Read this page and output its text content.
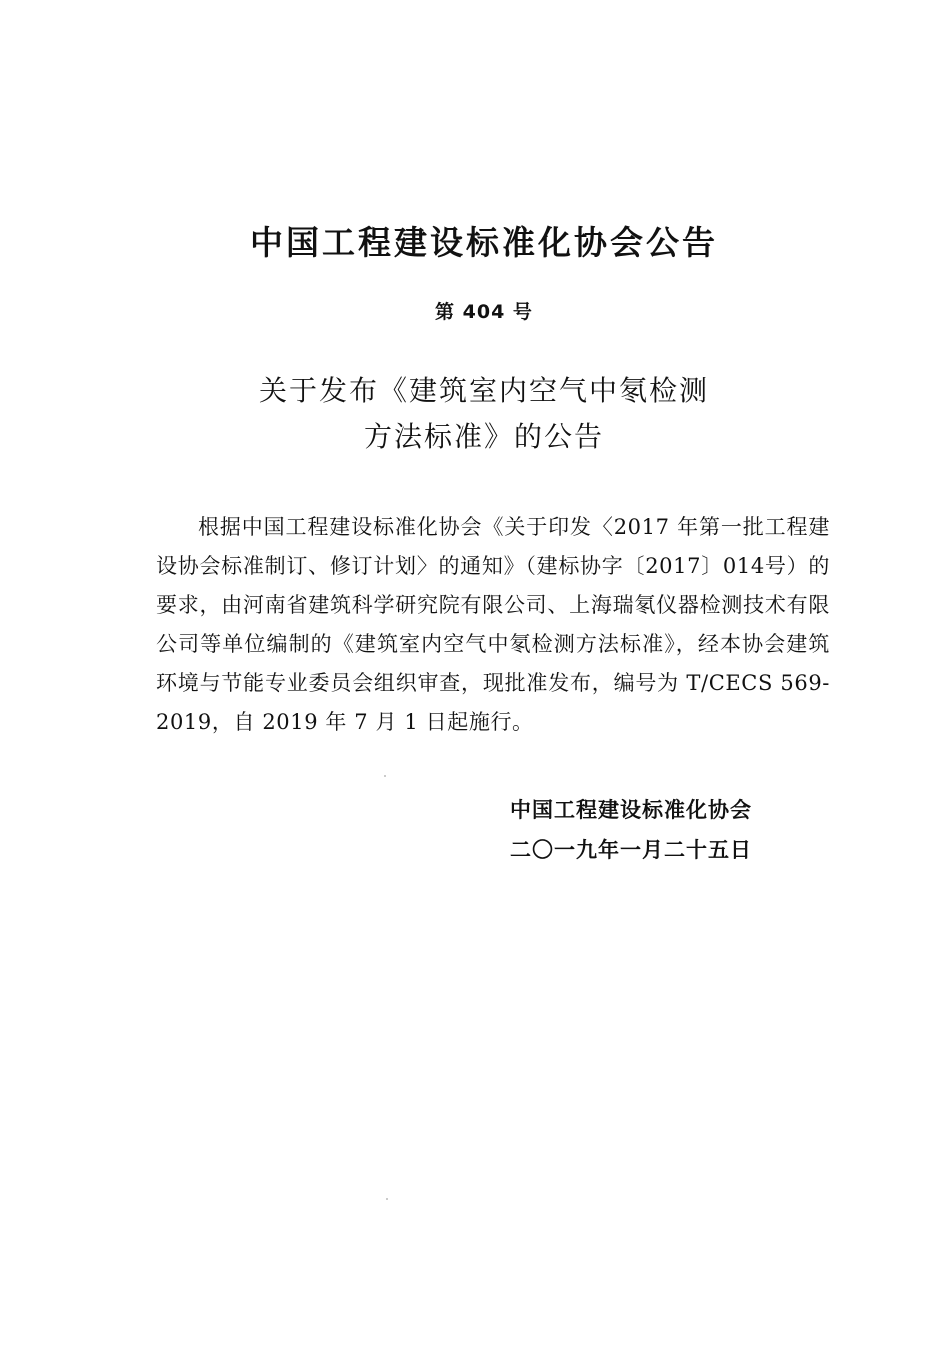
中国工程建设标准化协会公告
第 404 号
关于发布《建筑室内空气中氡检测
方法标准》的公告
根据中国工程建设标准化协会《关于印发〈2017 年第一批工程建设协会标准制订、修订计划〉的通知》（建标协字〔2017〕014号）的要求，由河南省建筑科学研究院有限公司、上海瑞氡仪器检测技术有限公司等单位编制的《建筑室内空气中氡检测方法标准》，经本协会建筑环境与节能专业委员会组织审查，现批准发布，编号为 T/CECS 569-2019，自 2019 年 7 月 1 日起施行。
中国工程建设标准化协会
二〇一九年一月二十五日
